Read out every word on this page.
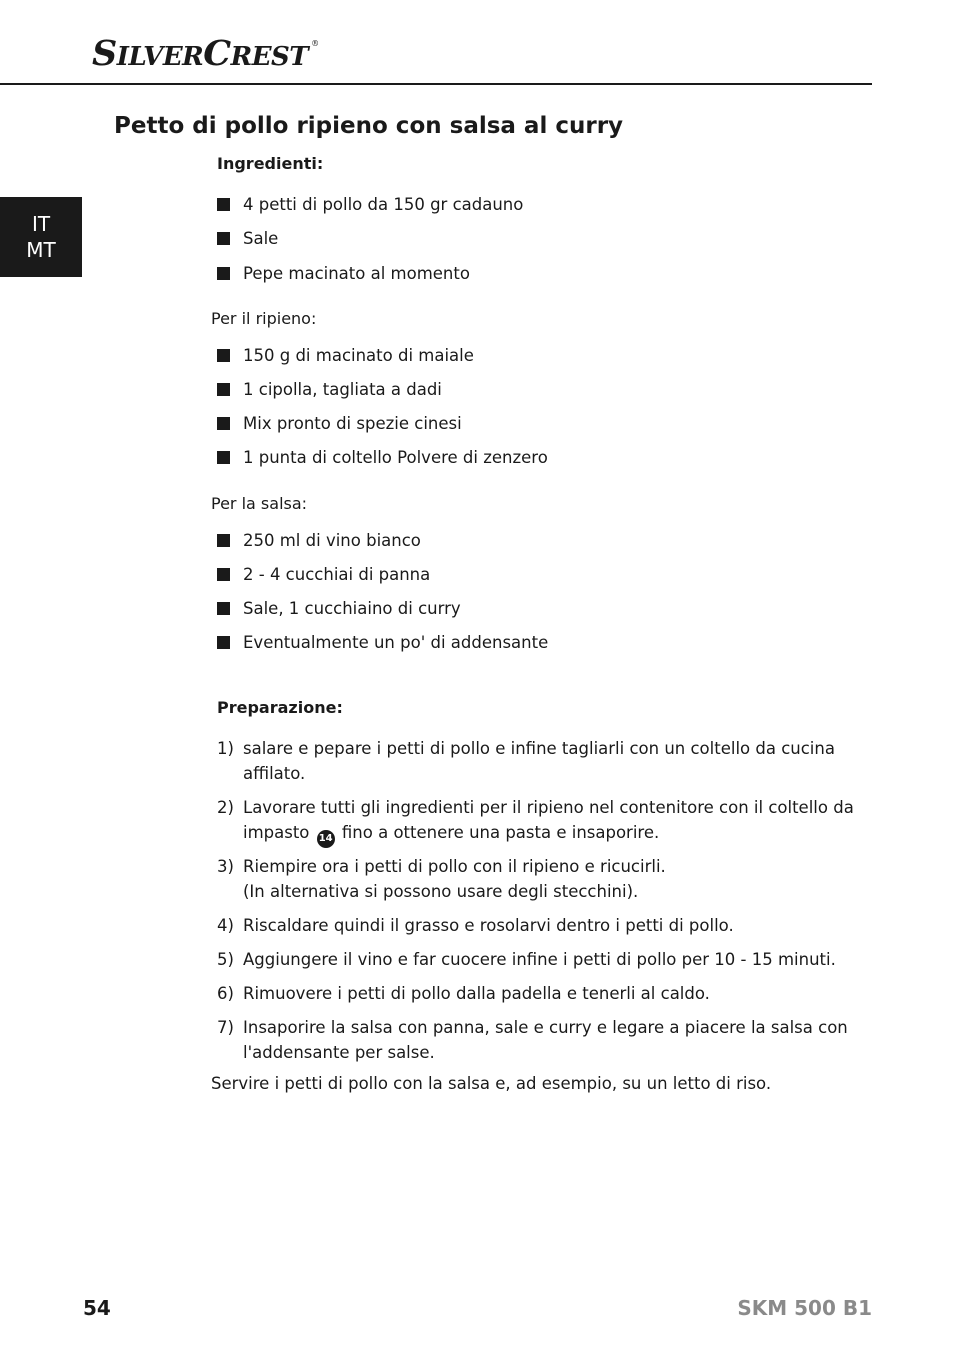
SILVERCREST ®
IT
MT
Petto di pollo ripieno con salsa al curry
Ingredienti:
4 petti di pollo da 150 gr cadauno
Sale
Pepe macinato al momento
Per il ripieno:
150 g di macinato di maiale
1 cipolla, tagliata a dadi
Mix pronto di spezie cinesi
1 punta di coltello Polvere di zenzero
Per la salsa:
250 ml di vino bianco
2 - 4 cucchiai di panna
Sale, 1 cucchiaino di curry
Eventualmente un po' di addensante
Preparazione:
1) salare e pepare i petti di pollo e infine tagliarli con un coltello da cucina
affilato.
2) Lavorare tutti gli ingredienti per il ripieno nel contenitore con il coltello da
impasto 14 fino a ottenere una pasta e insaporire.
3) Riempire ora i petti di pollo con il ripieno e ricucirli.
(In alternativa si possono usare degli stecchini).
4) Riscaldare quindi il grasso e rosolarvi dentro i petti di pollo.
5) Aggiungere il vino e far cuocere infine i petti di pollo per 10 - 15 minuti.
6) Rimuovere i petti di pollo dalla padella e tenerli al caldo.
7) Insaporire la salsa con panna, sale e curry e legare a piacere la salsa con
l'addensante per salse.
Servire i petti di pollo con la salsa e, ad esempio, su un letto di riso.
54	SKM 500 B1
